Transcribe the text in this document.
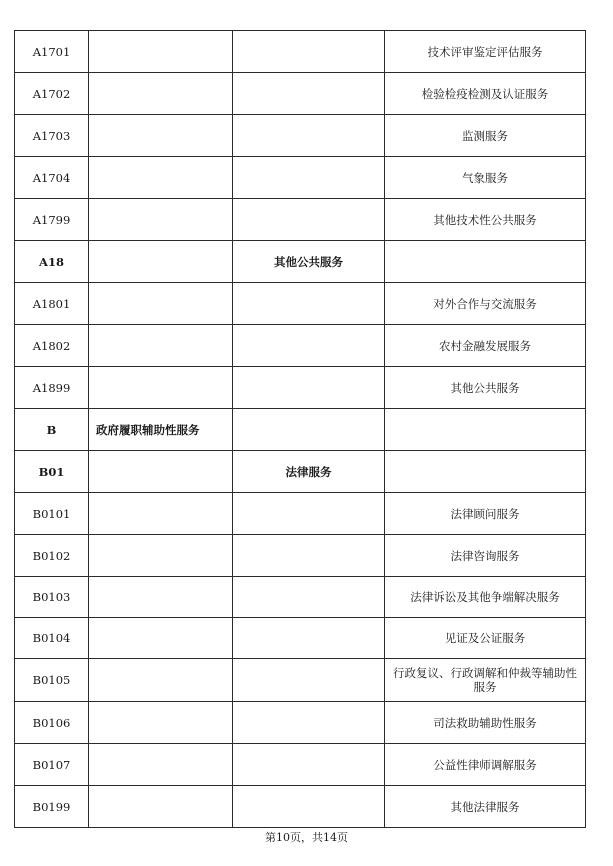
A1701			技术评审鉴定评估服务
A1702			检验检疫检测及认证服务
A1703			监测服务
A1704			气象服务
A1799			其他技术性公共服务
A18		其他公共服务	
A1801			对外合作与交流服务
A1802			农村金融发展服务
A1899			其他公共服务
B	政府履职辅助性服务		
B01		法律服务	
B0101			法律顾问服务
B0102			法律咨询服务
B0103			法律诉讼及其他争端解决服务
B0104			见证及公证服务
B0105			行政复议、行政调解和仲裁等辅助性服务
B0106			司法救助辅助性服务
B0107			公益性律师调解服务
B0199			其他法律服务
第10页，共14页
